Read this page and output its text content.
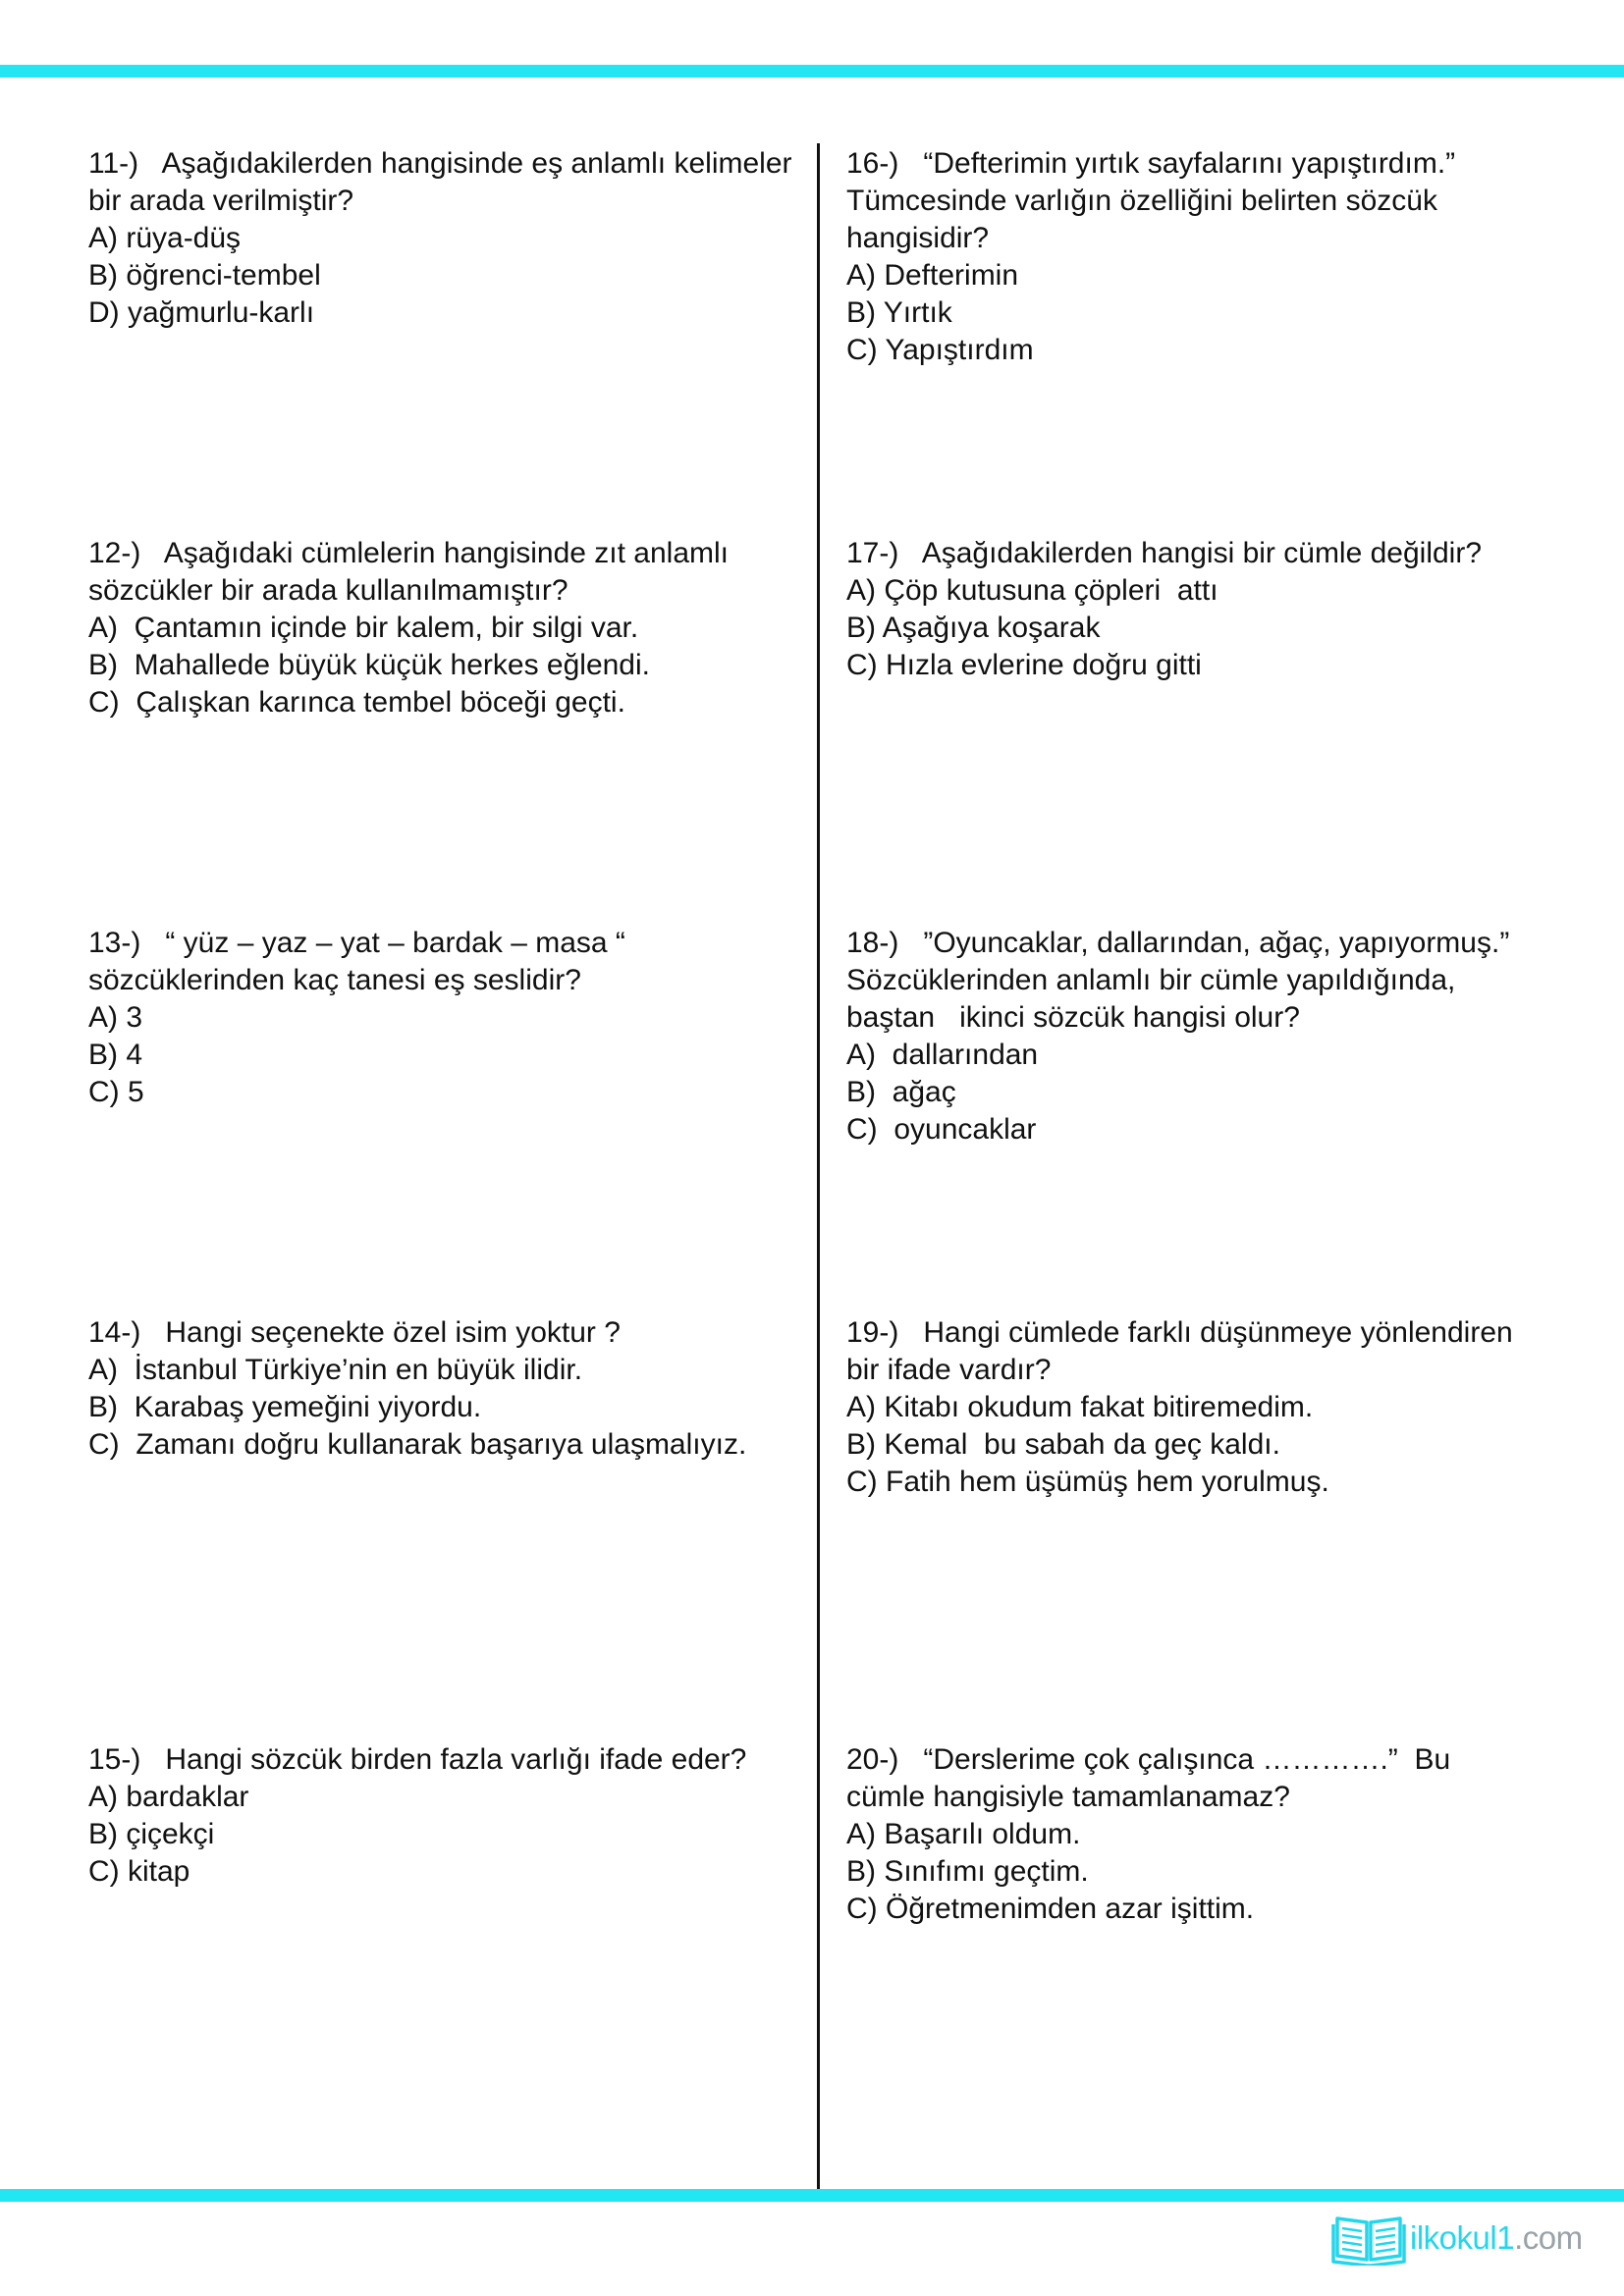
11-)   Aşağıdakilerden hangisinde eş anlamlı kelimeler
bir arada verilmiştir?
A) rüya-düş
B) öğrenci-tembel
D) yağmurlu-karlı
12-)   Aşağıdaki cümlelerin hangisinde zıt anlamlı
sözcükler bir arada kullanılmamıştır?
A)  Çantamın içinde bir kalem, bir silgi var.
B)  Mahallede büyük küçük herkes eğlendi.
C)  Çalışkan karınca tembel böceği geçti.
13-)   “ yüz – yaz – yat – bardak – masa “
sözcüklerinden kaç tanesi eş seslidir?
A) 3
B) 4
C) 5
14-)   Hangi seçenekte özel isim yoktur ?
A)  İstanbul Türkiye’nin en büyük ilidir.
B)  Karabaş yemeğini yiyordu.
C)  Zamanı doğru kullanarak başarıya ulaşmalıyız.
15-)   Hangi sözcük birden fazla varlığı ifade eder?
A) bardaklar
B) çiçekçi
C) kitap
16-)   “Defterimin yırtık sayfalarını yapıştırdım.”
Tümcesinde varlığın özelliğini belirten sözcük
hangisidir?
A) Defterimin
B) Yırtık
C) Yapıştırdım
17-)   Aşağıdakilerden hangisi bir cümle değildir?
A) Çöp kutusuna çöpleri  attı
B) Aşağıya koşarak
C) Hızla evlerine doğru gitti
18-)   ”Oyuncaklar, dallarından, ağaç, yapıyormuş.”
Sözcüklerinden anlamlı bir cümle yapıldığında,
baştan   ikinci sözcük hangisi olur?
A)  dallarından
B)  ağaç
C)  oyuncaklar
19-)   Hangi cümlede farklı düşünmeye yönlendiren
bir ifade vardır?
A) Kitabı okudum fakat bitiremedim.
B) Kemal  bu sabah da geç kaldı.
C) Fatih hem üşümüş hem yorulmuş.
20-)   “Derslerime çok çalışınca ………….”  Bu
cümle hangisiyle tamamlanamaz?
A) Başarılı oldum.
B) Sınıfımı geçtim.
C) Öğretmenimden azar işittim.
ilkokul1.com
